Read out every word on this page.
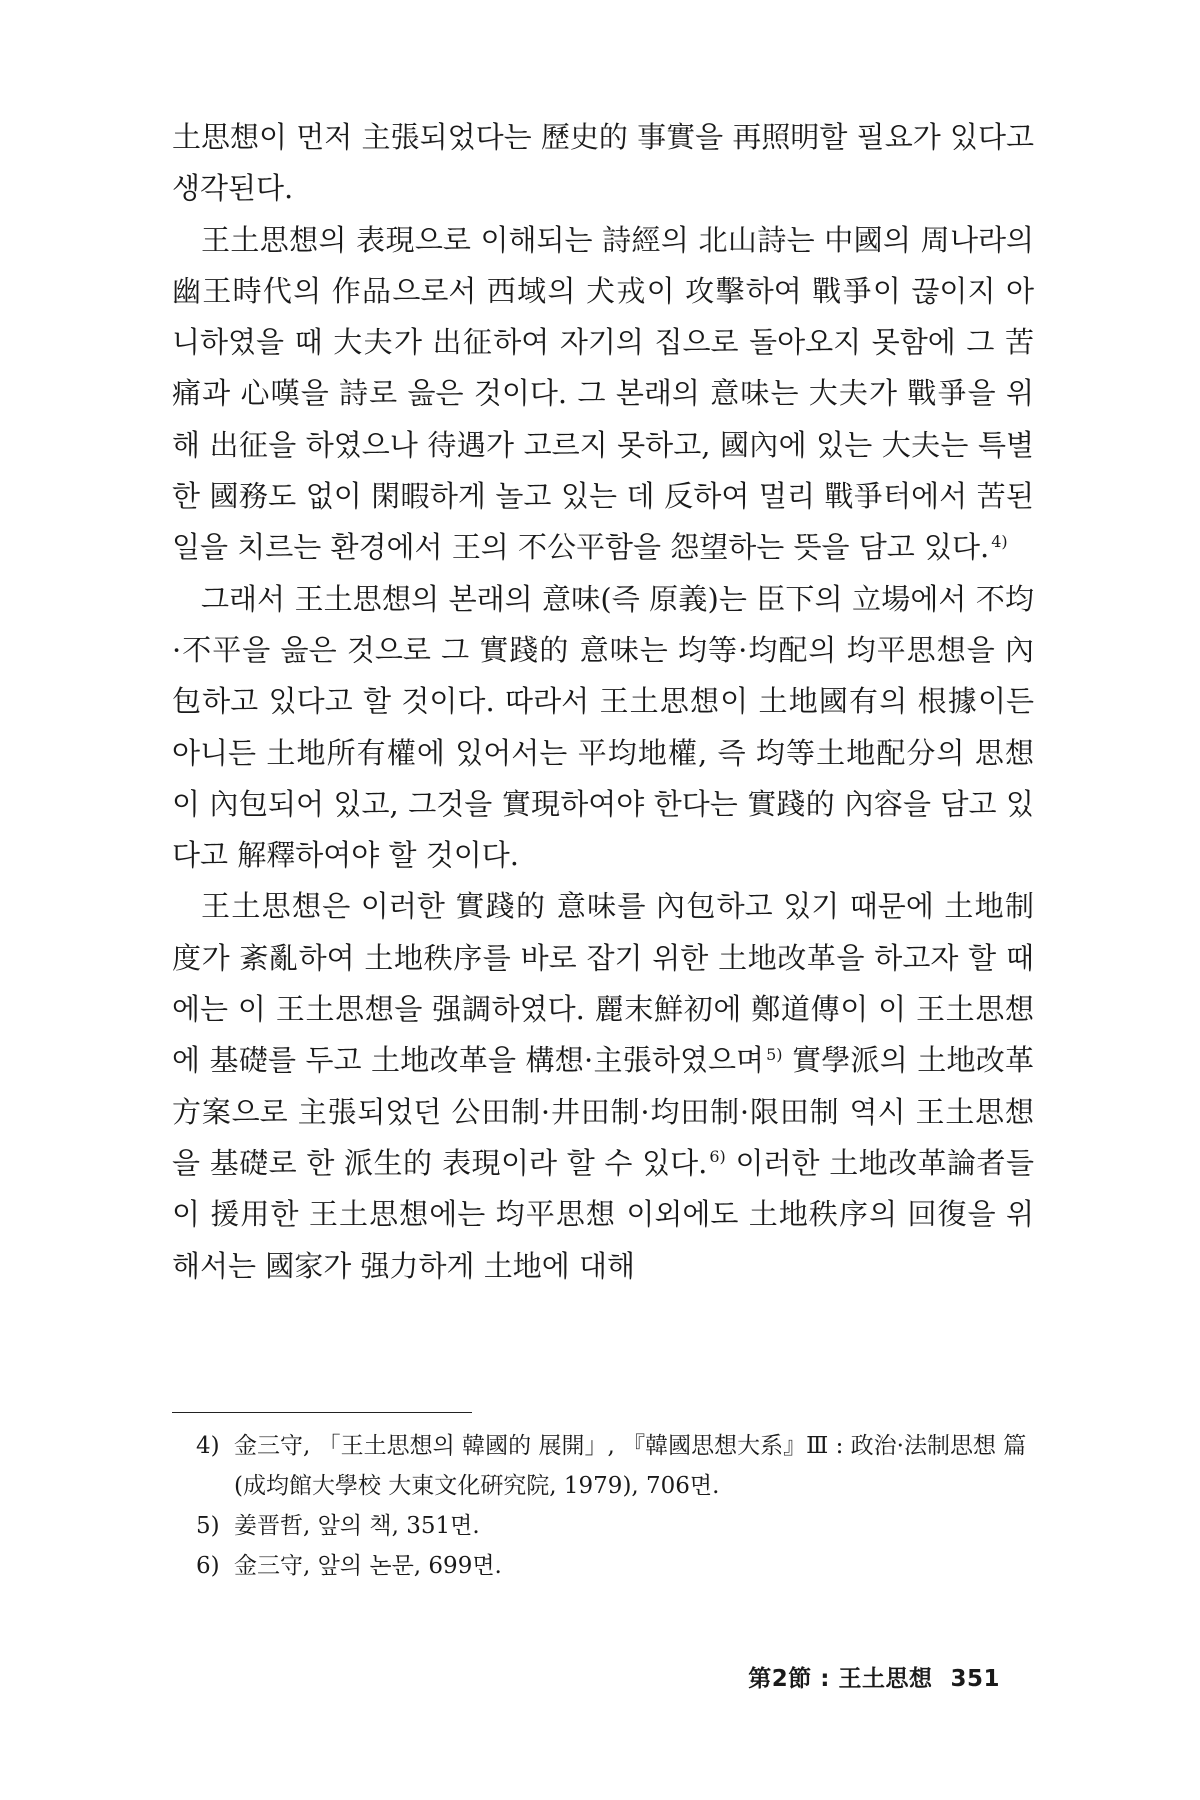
土思想이 먼저 主張되었다는 歷史的 事實을 再照明할 필요가 있다고 생각된다.

王土思想의 表現으로 이해되는 詩經의 北山詩는 中國의 周나라의 幽王時代의 作品으로서 西域의 犬戎이 攻擊하여 戰爭이 끊이지 아니하였을 때 大夫가 出征하여 자기의 집으로 돌아오지 못함에 그 苦痛과 心嘆을 詩로 읊은 것이다. 그 본래의 意味는 大夫가 戰爭을 위해 出征을 하였으나 待遇가 고르지 못하고, 國內에 있는 大夫는 특별한 國務도 없이 閑暇하게 놀고 있는 데 反하여 멀리 戰爭터에서 苦된 일을 치르는 환경에서 王의 不公平함을 怨望하는 뜻을 담고 있다. $^{4)}$

그래서 王土思想의 본래의 意味(즉 原義)는 臣下의 立場에서 不均·不平을 읊은 것으로 그 實踐的 意味는 均等·均配의 均平思想을 內包하고 있다고 할 것이다. 따라서 王土思想이 土地國有의 根據이든 아니든 土地所有權에 있어서는 平均地權, 즉 均等土地配分의 思想이 內包되어 있고, 그것을 實現하여야 한다는 實踐的 內容을 담고 있다고 解釋하여야 할 것이다.

王土思想은 이러한 實踐的 意味를 內包하고 있기 때문에 土地制度가 紊亂하여 土地秩序를 바로 잡기 위한 土地改革을 하고자 할 때에는 이 王土思想을 强調하였다. 麗末鮮初에 鄭道傳이 이 王土思想에 基礎를 두고 土地改革을 構想·主張하였으며 $^{5)}$ 實學派의 土地改革方案으로 主張되었던 公田制·井田制·均田制·限田制 역시 王土思想을 基礎로 한 派生的 表現이라 할 수 있다. $^{6)}$ 이러한 土地改革論者들이 援用한 王土思想에는 均平思想 이외에도 土地秩序의 回復을 위해서는 國家가 强力하게 土地에 대해

4) 金三守, 「王土思想의 韓國的 展開」, 『韓國思想大系』Ⅲ : 政治·法制思想 篇(成均館大學校 大東文化硏究院, 1979), 706면.
5) 姜晋哲, 앞의 책, 351면.
6) 金三守, 앞의 논문, 699면.
第2節 : 王土思想 351
